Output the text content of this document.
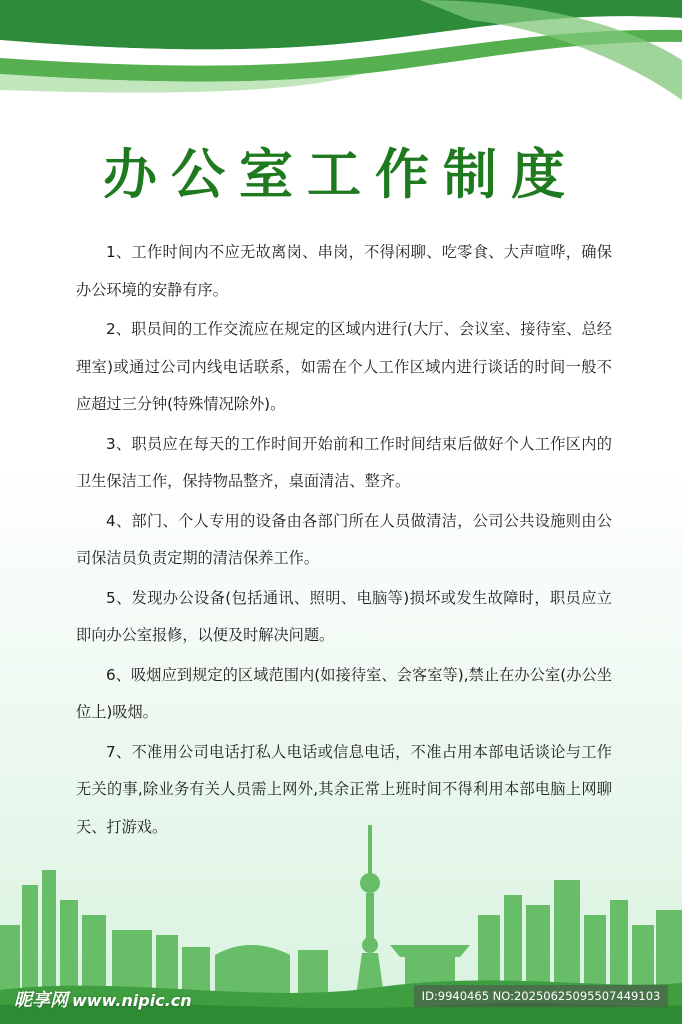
办公室工作制度

1、工作时间内不应无故离岗、串岗，不得闲聊、吃零食、大声喧哗，确保办公环境的安静有序。

2、职员间的工作交流应在规定的区域内进行(大厅、会议室、接待室、总经理室)或通过公司内线电话联系，如需在个人工作区域内进行谈话的时间一般不应超过三分钟(特殊情况除外)。

3、职员应在每天的工作时间开始前和工作时间结束后做好个人工作区内的卫生保洁工作，保持物品整齐，桌面清洁、整齐。

4、部门、个人专用的设备由各部门所在人员做清洁，公司公共设施则由公司保洁员负责定期的清洁保养工作。

5、发现办公设备(包括通讯、照明、电脑等)损坏或发生故障时，职员应立即向办公室报修，以便及时解决问题。

6、吸烟应到规定的区域范围内(如接待室、会客室等),禁止在办公室(办公坐位上)吸烟。

7、不准用公司电话打私人电话或信息电话，不准占用本部电话谈论与工作无关的事,除业务有关人员需上网外,其余正常上班时间不得利用本部电脑上网聊天、打游戏。

昵享网 www.nipic.cn	ID:9940465 NO:20250625095507449103
